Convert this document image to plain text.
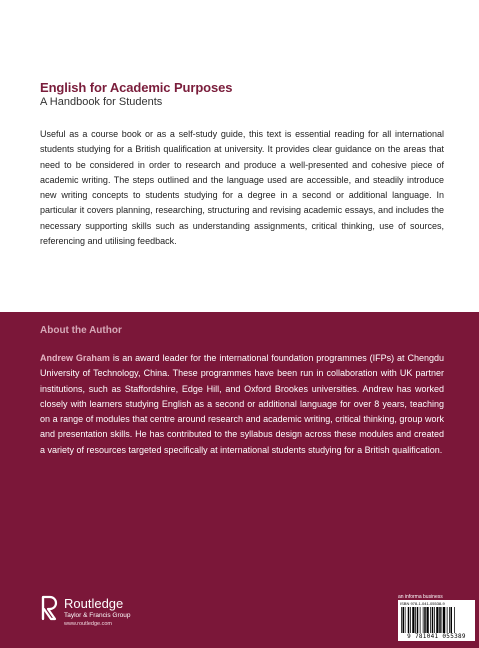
English for Academic Purposes
A Handbook for Students

Useful as a course book or as a self-study guide, this text is essential reading for all international students studying for a British qualification at university. It provides clear guidance on the areas that need to be considered in order to research and produce a well-presented and cohesive piece of academic writing. The steps outlined and the language used are accessible, and steadily introduce new writing concepts to students studying for a degree in a second or additional language. In particular it covers planning, researching, structuring and revising academic essays, and includes the necessary supporting skills such as understanding assignments, critical thinking, use of sources, referencing and utilising feedback.

About the Author

Andrew Graham is an award leader for the international foundation programmes (IFPs) at Chengdu University of Technology, China. These programmes have been run in collaboration with UK partner institutions, such as Staffordshire, Edge Hill, and Oxford Brookes universities. Andrew has worked closely with learners studying English as a second or additional language for over 8 years, teaching on a range of modules that centre around research and academic writing, critical thinking, group work and presentation skills. He has contributed to the syllabus design across these modules and created a variety of resources targeted specifically at international students studying for a British qualification.

Routledge
Taylor & Francis Group
www.routledge.com
an informa business
ISBN 978-1-041-05538-9
9 781041 055389
